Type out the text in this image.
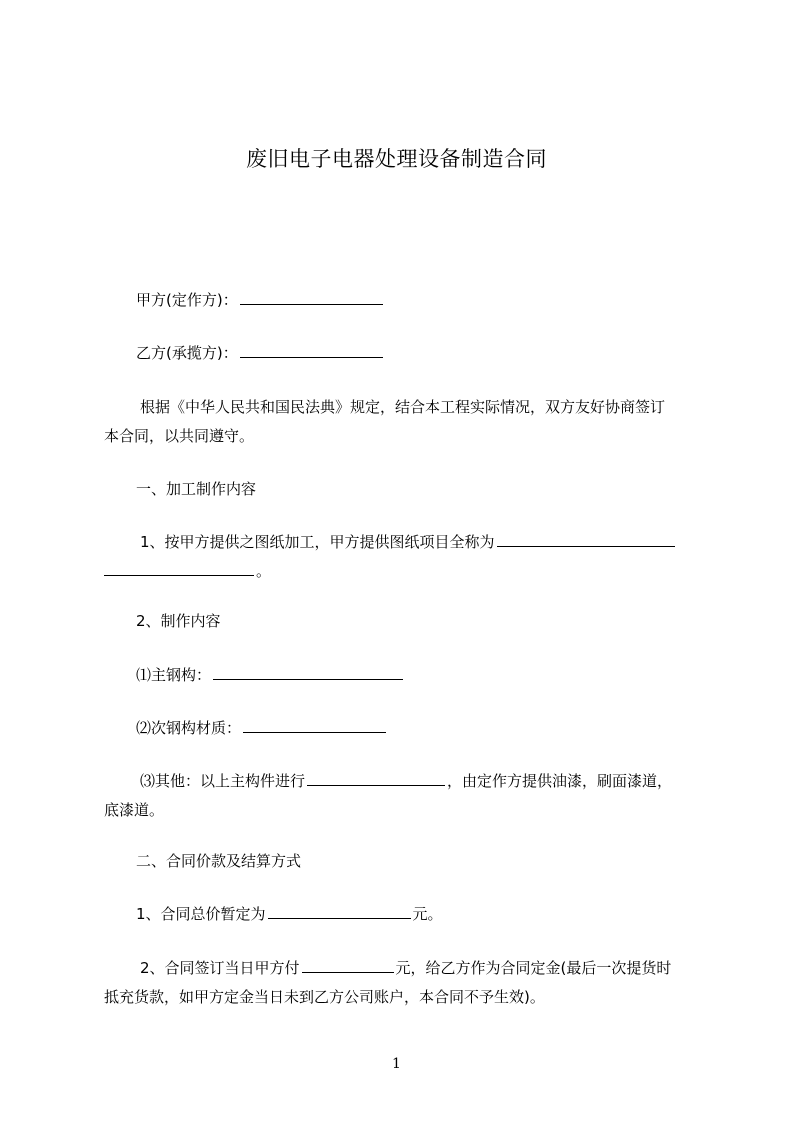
废旧电子电器处理设备制造合同
甲方(定作方)：
乙方(承揽方)：
根据《中华人民共和国民法典》规定，结合本工程实际情况，双方友好协商签订
本合同，以共同遵守。
一、加工制作内容
1、按甲方提供之图纸加工，甲方提供图纸项目全称为
。
2、制作内容
⑴主钢构：
⑵次钢构材质：
⑶其他：以上主构件进行	，由定作方提供油漆，刷面漆道，
底漆道。
二、合同价款及结算方式
1、合同总价暂定为	元。
2、合同签订当日甲方付	元，给乙方作为合同定金(最后一次提货时
抵充货款，如甲方定金当日未到乙方公司账户，本合同不予生效)。
1
